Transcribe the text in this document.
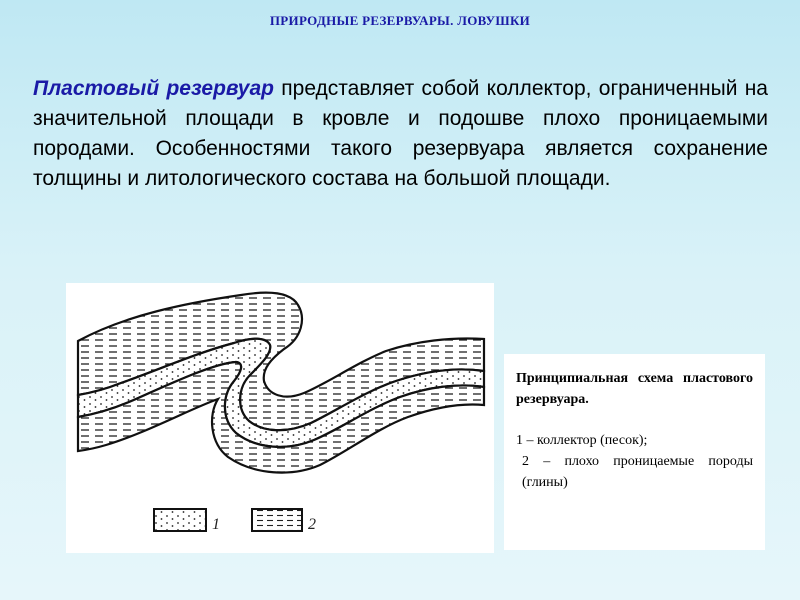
ПРИРОДНЫЕ РЕЗЕРВУАРЫ. ЛОВУШКИ
Пластовый резервуар представляет собой коллектор, ограниченный на значительной площади в кровле и подошве плохо проницаемыми породами. Особенностями такого резервуара является сохранение толщины и литологического состава на большой площади.
1	2
Принципиальная схема пластового резервуара.
1 – коллектор (песок);
2 – плохо проницаемые породы (глины)
